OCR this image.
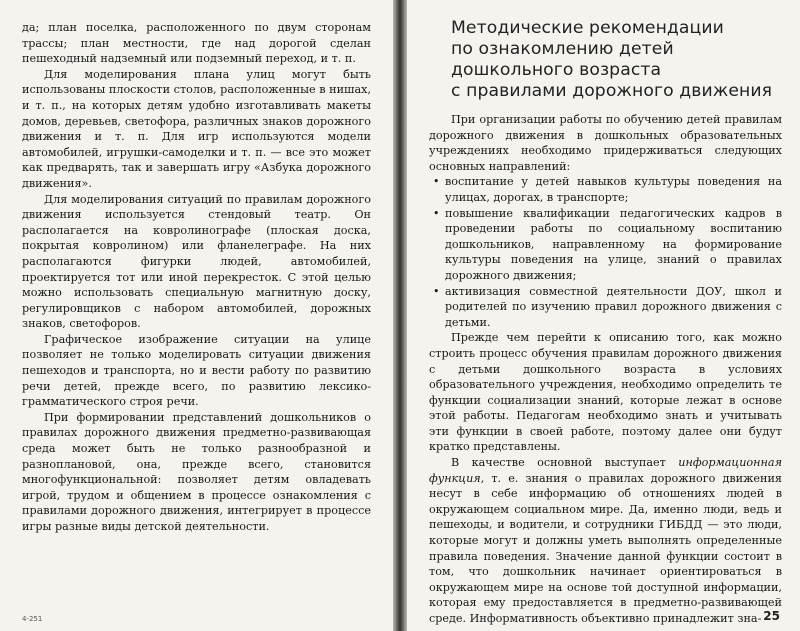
да; план поселка, расположенного по двум сторонам трассы; план местности, где над дорогой сделан пешеходный надземный или подземный переход, и т. п.

Для моделирования плана улиц могут быть использованы плоскости столов, расположенные в нишах, и т. п., на которых детям удобно изготавливать макеты домов, деревьев, светофора, различных знаков дорожного движения и т. п. Для игр используются модели автомобилей, игрушки-самоделки и т. п. — все это может как предварять, так и завершать игру «Азбука дорожного движения».

Для моделирования ситуаций по правилам дорожного движения используется стендовый театр. Он располагается на ковролинографе (плоская доска, покрытая ковролином) или фланелеграфе. На них располагаются фигурки людей, автомобилей, проектируется тот или иной перекресток. С этой целью можно использовать специальную магнитную доску, регулировщиков с набором автомобилей, дорожных знаков, светофоров.

Графическое изображение ситуации на улице позволяет не только моделировать ситуации движения пешеходов и транспорта, но и вести работу по развитию речи детей, прежде всего, по развитию лексико-грамматического строя речи.

При формировании представлений дошкольников о правилах дорожного движения предметно-развивающая среда может быть не только разнообразной и разноплановой, она, прежде всего, становится многофункциональной: позволяет детям овладевать игрой, трудом и общением в процессе ознакомления с правилами дорожного движения, интегрирует в процессе игры разные виды детской деятельности.

4-251
Методические рекомендации
по ознакомлению детей
дошкольного возраста
с правилами дорожного движения

При организации работы по обучению детей правилам дорожного движения в дошкольных образовательных учреждениях необходимо придерживаться следующих основных направлений:

• воспитание у детей навыков культуры поведения на улицах, дорогах, в транспорте;

• повышение квалификации педагогических кадров в проведении работы по социальному воспитанию дошкольников, направленному на формирование культуры поведения на улице, знаний о правилах дорожного движения;

• активизация совместной деятельности ДОУ, школ и родителей по изучению правил дорожного движения с детьми.

Прежде чем перейти к описанию того, как можно строить процесс обучения правилам дорожного движения с детьми дошкольного возраста в условиях образовательного учреждения, необходимо определить те функции социализации знаний, которые лежат в основе этой работы. Педагогам необходимо знать и учитывать эти функции в своей работе, поэтому далее они будут кратко представлены.

В качестве основной выступает информационная функция, т. е. знания о правилах дорожного движения несут в себе информацию об отношениях людей в окружающем социальном мире. Да, именно люди, ведь и пешеходы, и водители, и сотрудники ГИБДД — это люди, которые могут и должны уметь выполнять определенные правила поведения. Значение данной функции состоит в том, что дошкольник начинает ориентироваться в окружающем мире на основе той доступной информации, которая ему предоставляется в предметно-развивающей среде. Информативность объективно принадлежит зна- 25
